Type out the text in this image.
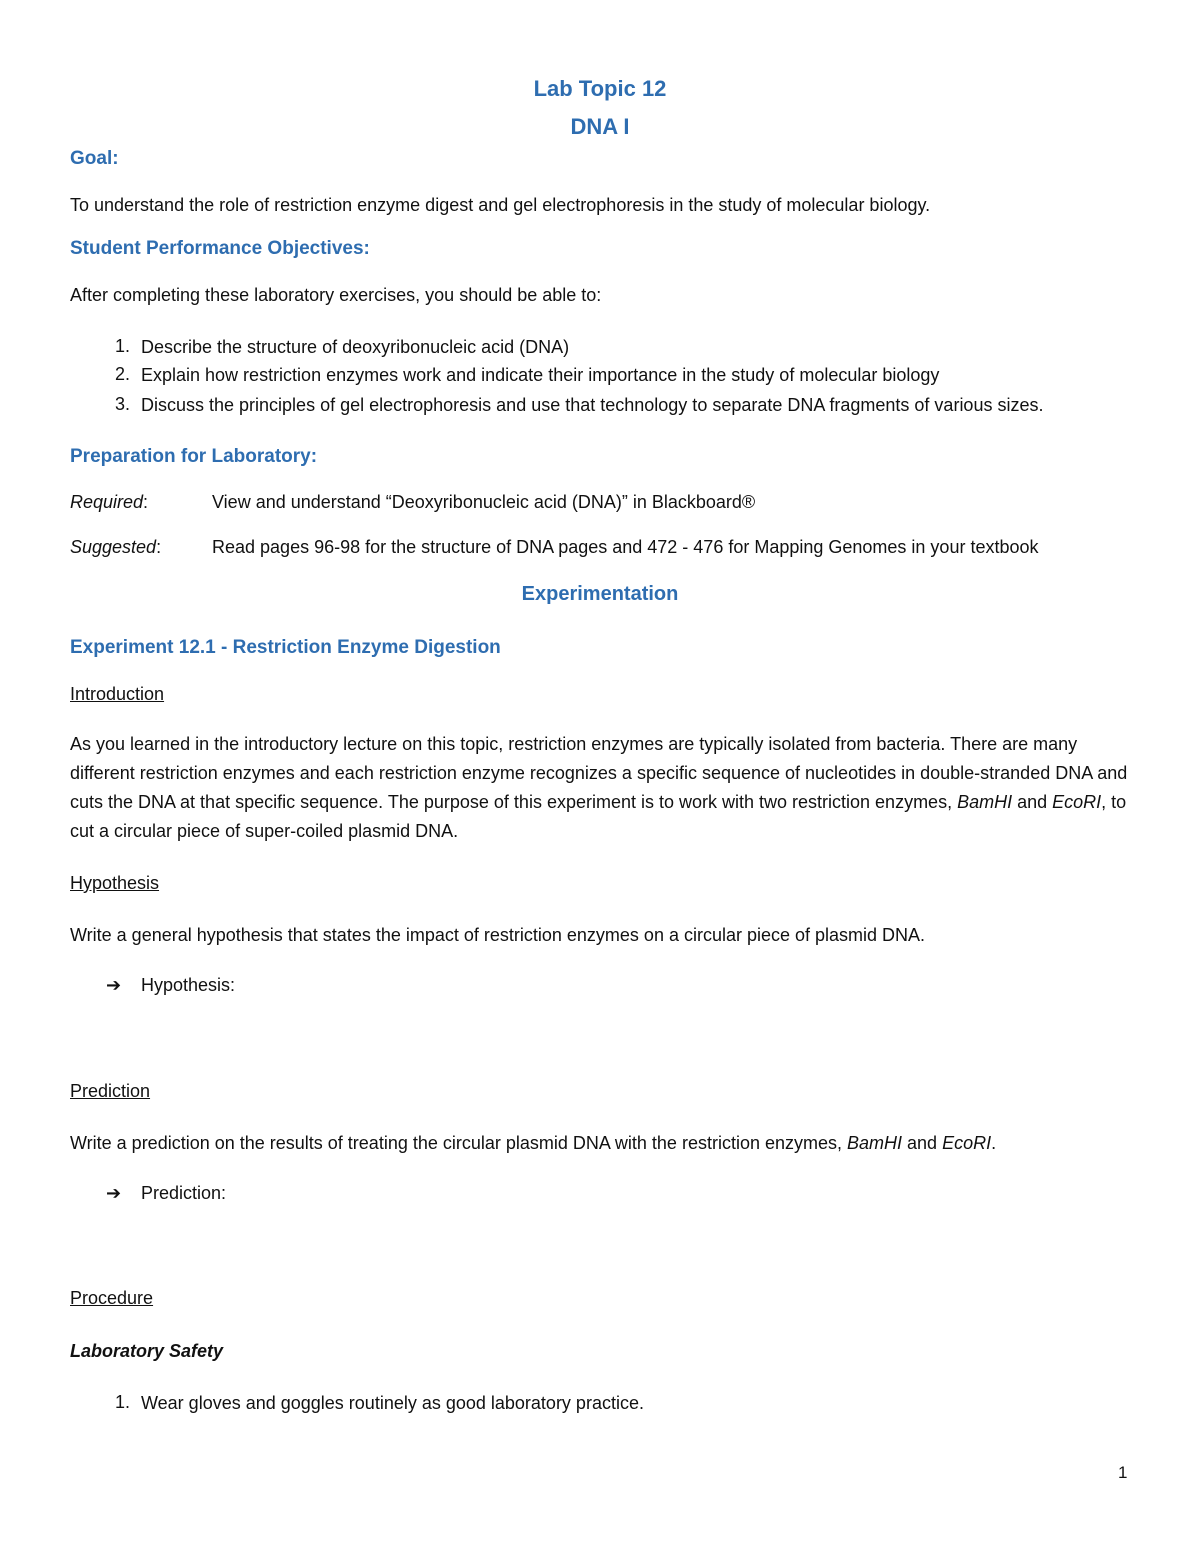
Lab Topic 12
DNA I
Goal:
To understand the role of restriction enzyme digest and gel electrophoresis in the study of molecular biology.
Student Performance Objectives:
After completing these laboratory exercises, you should be able to:
1. Describe the structure of deoxyribonucleic acid (DNA)
2. Explain how restriction enzymes work and indicate their importance in the study of molecular biology
3. Discuss the principles of gel electrophoresis and use that technology to separate DNA fragments of various sizes.
Preparation for Laboratory:
Required:	View and understand “Deoxyribonucleic acid (DNA)” in Blackboard®
Suggested:	Read pages 96-98 for the structure of DNA pages and 472 - 476 for Mapping Genomes in your textbook
Experimentation
Experiment 12.1 - Restriction Enzyme Digestion
Introduction
As you learned in the introductory lecture on this topic, restriction enzymes are typically isolated from bacteria. There are many different restriction enzymes and each restriction enzyme recognizes a specific sequence of nucleotides in double-stranded DNA and cuts the DNA at that specific sequence. The purpose of this experiment is to work with two restriction enzymes, BamHI and EcoRI, to cut a circular piece of super-coiled plasmid DNA.
Hypothesis
Write a general hypothesis that states the impact of restriction enzymes on a circular piece of plasmid DNA.
➔ Hypothesis:
Prediction
Write a prediction on the results of treating the circular plasmid DNA with the restriction enzymes, BamHI and EcoRI.
➔ Prediction:
Procedure
Laboratory Safety
1. Wear gloves and goggles routinely as good laboratory practice.
1
